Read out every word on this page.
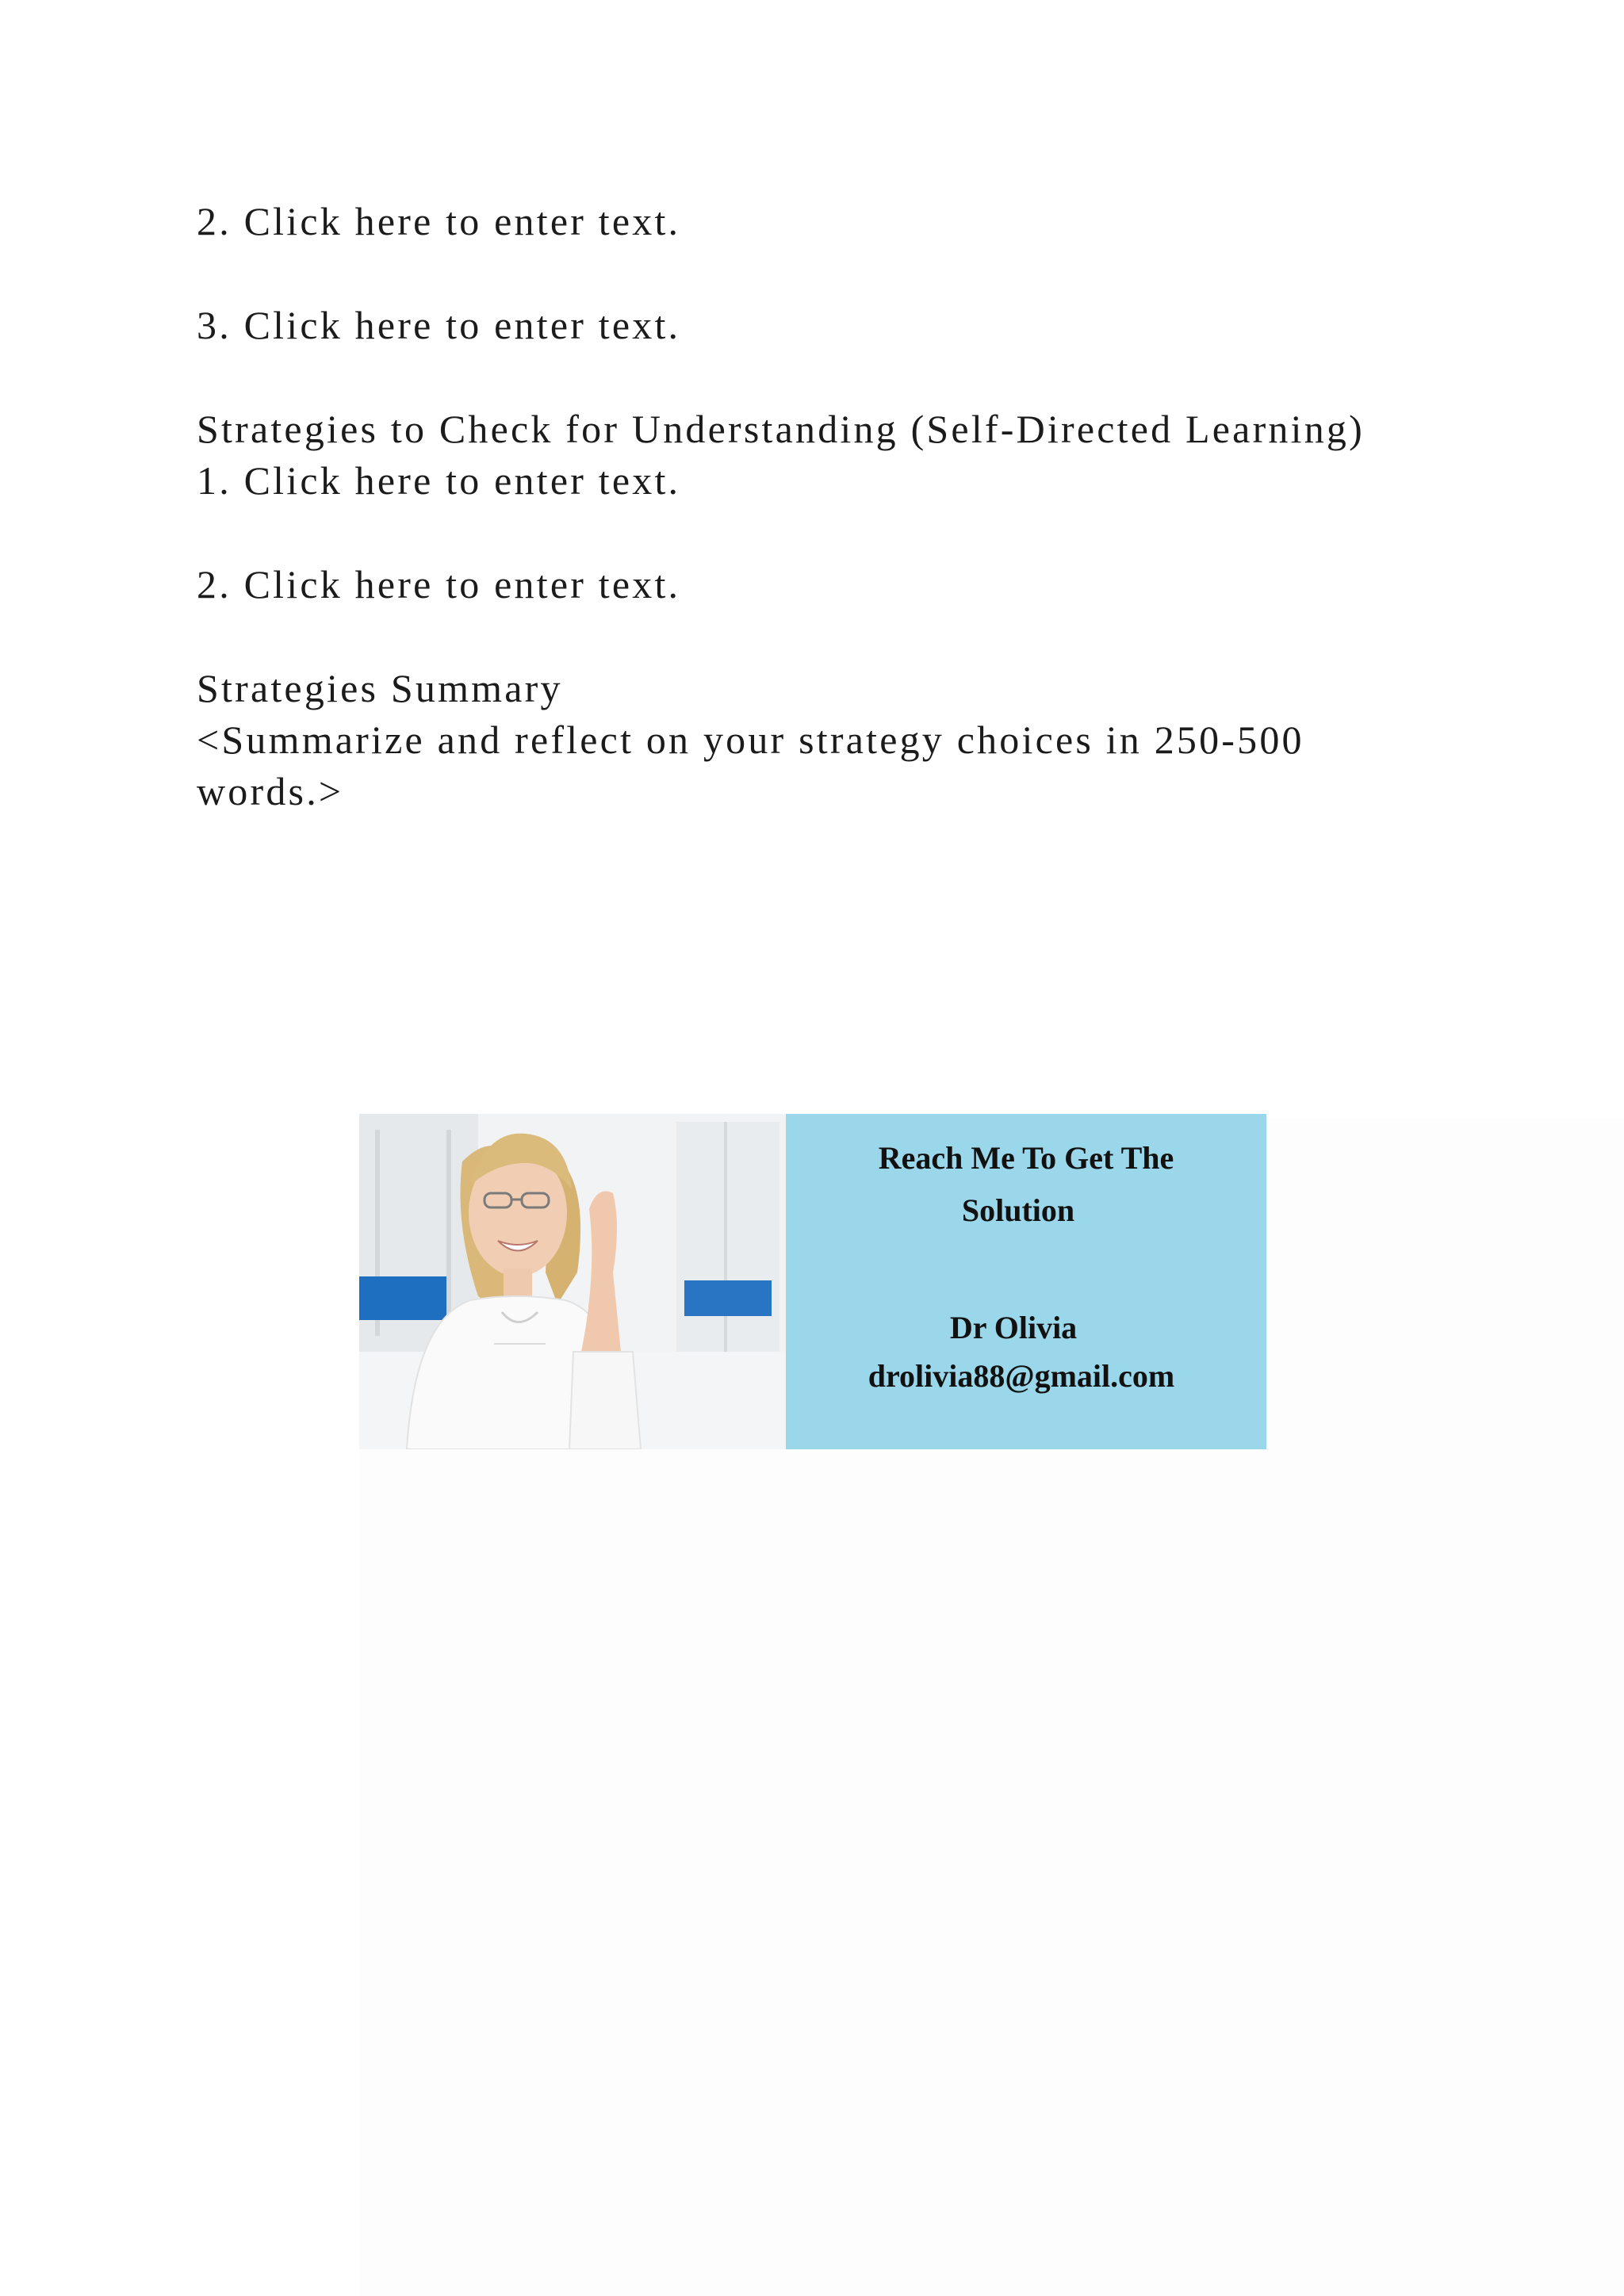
2. Click here to enter text.
3. Click here to enter text.
Strategies to Check for Understanding (Self-Directed Learning)
1. Click here to enter text.
2. Click here to enter text.
Strategies Summary
<Summarize and reflect on your strategy choices in 250-500
words.>
Reach Me To Get The
Solution
Dr Olivia
drolivia88@gmail.com
